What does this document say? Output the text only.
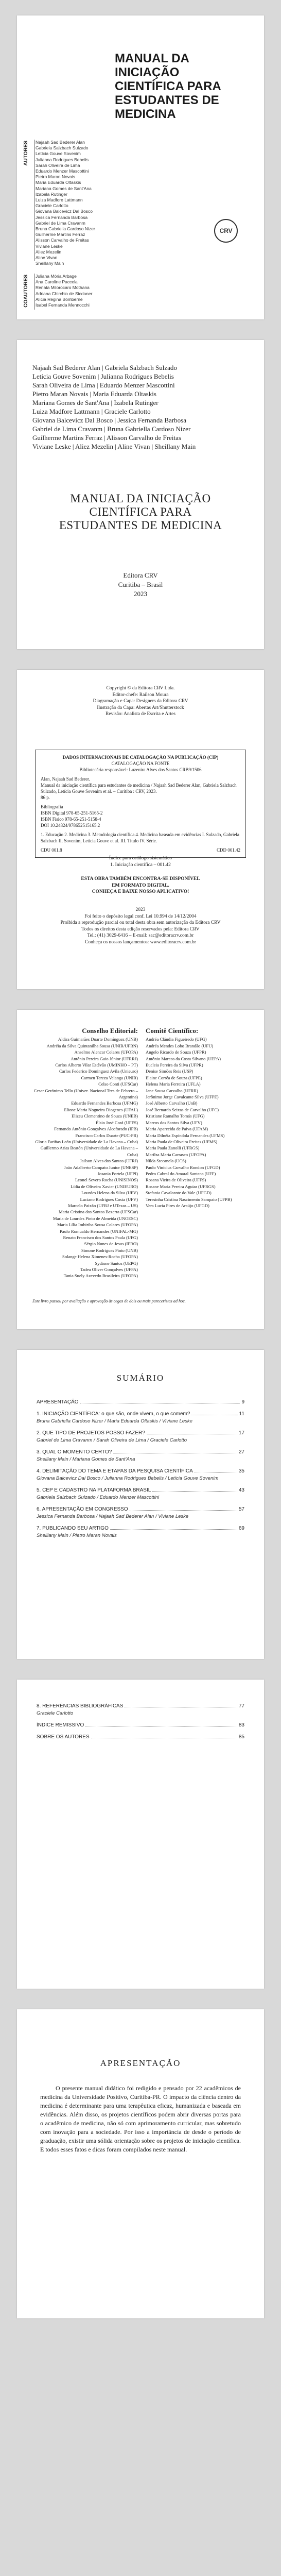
MANUAL DA INICIAÇÃO
CIENTÍFICA PARA
ESTUDANTES DE MEDICINA
AUTORES Najaah Sad Bederer Alan
Gabriela Salzbach Sulzado
Letícia Gouve Sovenim
Julianna Rodrigues Bebelis
Sarah Oliveira de Lima
Eduardo Menzer Mascottini
Pietro Maran Novais
Maria Eduarda Oltaskis
Mariana Gomes de Sant'Ana
Izabela Rutinger
Luiza Madfore Lattmann
Graciele Carlotto
Giovana Balcevicz Dal Bosco
Jessica Fernanda Barbosa
Gabriel de Lima Cravanm
Bruna Gabriella Cardoso Nizer
Guilherme Martins Ferraz
Alisson Carvalho de Freitas
Viviane Leske
Aliez Mezelin
Aline Vivan
Sheillany Main
COAUTORES Juliana Mória Arbage
Ana Caroline Paccela
Renata Milorocaro Mothana
Adriana Chirchio de Sicdaner
Alícia Regina Bomberne
Isabel Fernanda Mennocchi
CRV
Najaah Sad Bederer Alan | Gabriela Salzbach Sulzado
Letícia Gouve Sovenim | Julianna Rodrigues Bebelis
Sarah Oliveira de Lima | Eduardo Menzer Mascottini
Pietro Maran Novais | Maria Eduarda Oltaskis
Mariana Gomes de Sant'Ana | Izabela Rutinger
Luiza Madfore Lattmann | Graciele Carlotto
Giovana Balcevicz Dal Bosco | Jessica Fernanda Barbosa
Gabriel de Lima Cravanm | Bruna Gabriella Cardoso Nizer
Guilherme Martins Ferraz | Alisson Carvalho de Freitas
Viviane Leske | Aliez Mezelin | Aline Vivan | Sheillany Main
MANUAL DA INICIAÇÃO
CIENTÍFICA PARA
ESTUDANTES DE MEDICINA
Editora CRV
Curitiba – Brasil
2023
Copyright © da Editora CRV Ltda.
Editor-chefe: Railson Moura
Diagramação e Capa: Designers da Editora CRV
Ilustração da Capa: Abertas Art/Shutterstock
Revisão: Analista de Escrita e Artes
DADOS INTERNACIONAIS DE CATALOGAÇÃO NA PUBLICAÇÃO (CIP)
CATALOGAÇÃO NA FONTE
Bibliotecária responsável: Luzenira Alves dos Santos CRB9/1506
Alan, Najaah Sad Bederer.
Manual da iniciação científica para estudantes de medicina / Najaah Sad Bederer Alan, Gabriela Salzbach Sulzado, Letícia Gouve Sovenim et al. – Curitiba : CRV, 2023.
86 p.
Bibliografia
ISBN Digital 978-65-251-5165-2
ISBN Físico 978-65-251-5158-4
DOI 10.24824/978652515165.2
1. Educação 2. Medicina 3. Metodologia científica 4. Medicina baseada em evidências I. Sulzado, Gabriela Salzbach II. Sovenim, Letícia Gouve et al. III. Título IV. Série.
CDU 001.8	CDD 001.42
Índice para catálogo sistemático
1. Iniciação científica – 001.42
ESTA OBRA TAMBÉM ENCONTRA-SE DISPONÍVEL
EM FORMATO DIGITAL.
CONHEÇA E BAIXE NOSSO APLICATIVO!
2023
Foi feito o depósito legal conf. Lei 10.994 de 14/12/2004
Proibida a reprodução parcial ou total desta obra sem autorização da Editora CRV
Todos os direitos desta edição reservados pela: Editora CRV
Tel.: (41) 3029-6416 – E-mail: sac@editoracrv.com.br
Conheça os nossos lançamentos: www.editoracrv.com.br
Conselho Editorial:
Aldira Guimarães Duarte Domínguez (UNB)
Andréia da Silva Quintanilha Sousa (UNIR/UFRN)
Anselmo Alencar Colares (UFOPA)
Antônio Pereira Gaio Júnior (UFRRJ)
Carlos Alberto Vilar Estêvão (UMINHO – PT)
Carlos Federico Dominguez Avila (Unieuro)
Carmen Tereza Velanga (UNIR)
Celso Conti (UFSCar)
Cesar Gerónimo Tello (Univer. Nacional Tres de Febrero – Argentina)
Eduardo Fernandes Barbosa (UFMG)
Elione Maria Nogueira Diogenes (UFAL)
Elizeu Clementino de Souza (UNEB)
Élsio José Corá (UFFS)
Fernando Antônio Gonçalves Alcoforado (IPB)
Francisco Carlos Duarte (PUC-PR)
Gloria Fariñas León (Universidade de La Havana – Cuba)
Guillermo Arias Beatón (Universidade de La Havana – Cuba)
Jailson Alves dos Santos (UFRJ)
João Adalberto Campato Junior (UNESP)
Josania Portela (UFPI)
Leonel Severo Rocha (UNISINOS)
Lídia de Oliveira Xavier (UNIEURO)
Lourdes Helena da Silva (UFV)
Luciano Rodrigues Costa (UFV)
Marcelo Paixão (UFRJ e UTexas – US)
Maria Cristina dos Santos Bezerra (UFSCar)
Maria de Lourdes Pinto de Almeida (UNOESC)
Maria Lília Imbiriba Sousa Colares (UFOPA)
Paulo Romualdo Hernandes (UNIFAL-MG)
Renato Francisco dos Santos Paula (UFG)
Sérgio Nunes de Jesus (IFRO)
Simone Rodrigues Pinto (UNB)
Solange Helena Ximenes-Rocha (UFOPA)
Sydione Santos (UEPG)
Tadeu Oliver Gonçalves (UFPA)
Tania Suely Azevedo Brasileiro (UFOPA)
Comitê Científico:
Andréa Cláudia Figueiredo (UFG)
Andréa Mendes Lobo Brandão (UFU)
Angelo Ricardo de Souza (UFPR)
Antônio Marcos da Costa Silvano (UEPA)
Eucleia Pereira da Silva (UFPR)
Denise Simões Reis (USP)
Elaine Corrêa de Souza (UFPE)
Helena Maria Ferreira (UFLA)
Jane Sousa Carvalho (UFRR)
Jerônimo Jorge Cavalcante Silva (UFPE)
José Alberto Carvalho (UnB)
José Bernardo Seixas de Carvalho (UFC)
Kristiane Ramalho Tomás (UFG)
Marcos dos Santos Silva (UFV)
Maria Aparecida de Paiva (UFAM)
Maria Dilnéia Espíndola Fernandes (UFMS)
Maria Paula de Oliveira Freitas (UFMS)
Maria Paula Zanolli (UFRGS)
Marilza Maria Carrasco (UFOPA)
Nilda Stecanela (UCS)
Paulo Vinícius Carvalho Rondon (UFGD)
Pedro Cabral do Amaral Santana (UFF)
Rosana Vieira de Oliveira (UFFS)
Rosane Maria Pereira Aguiar (UFRGS)
Stefania Cavalcante do Vale (UFGD)
Teresinha Cristina Nascimento Sampaio (UFPB)
Vera Lucia Pires de Araújo (UFGD)
Este livro passou por avaliação e aprovação às cegas de dois ou mais pareceristas ad hoc.
SUMÁRIO
APRESENTAÇÃO	9
1. INICIAÇÃO CIENTÍFICA: o que são, onde vivem, o que comem?	11
Bruna Gabriella Cardoso Nizer / Maria Eduarda Oltaskis / Viviane Leske
2. QUE TIPO DE PROJETOS POSSO FAZER?	17
Gabriel de Lima Cravanm / Sarah Oliveira de Lima / Graciele Carlotto
3. QUAL O MOMENTO CERTO?	27
Sheillany Main / Mariana Gomes de Sant'Ana
4. DELIMITAÇÃO DO TEMA E ETAPAS DA PESQUISA CIENTÍFICA	35
Giovana Balcevicz Dal Bosco / Julianna Rodrigues Bebelis / Letícia Gouve Sovenim
5. CEP E CADASTRO NA PLATAFORMA BRASIL	43
Gabriela Salzbach Sulzado / Eduardo Menzer Mascottini
6. APRESENTAÇÃO EM CONGRESSO	57
Jessica Fernanda Barbosa / Najaah Sad Bederer Alan / Viviane Leske
7. PUBLICANDO SEU ARTIGO	69
Sheillany Main / Pietro Maran Novais
8. REFERÊNCIAS BIBLIOGRÁFICAS	77
Graciele Carlotto
ÍNDICE REMISSIVO	83
SOBRE OS AUTORES	85
APRESENTAÇÃO
O presente manual didático foi redigido e pensado por 22 acadêmicos de medicina da Universidade Positivo, Curitiba-PR. O impacto da ciência dentro da medicina é determinante para uma terapêutica eficaz, humanizada e baseada em evidências. Além disso, os projetos científicos podem abrir diversas portas para o acadêmico de medicina, não só com aprimoramento curricular, mas sobretudo com inovação para a sociedade. Por isso a importância de desde o período de graduação, existir uma sólida orientação sobre os projetos de iniciação científica. E todos esses fatos e dicas foram compilados neste manual.
